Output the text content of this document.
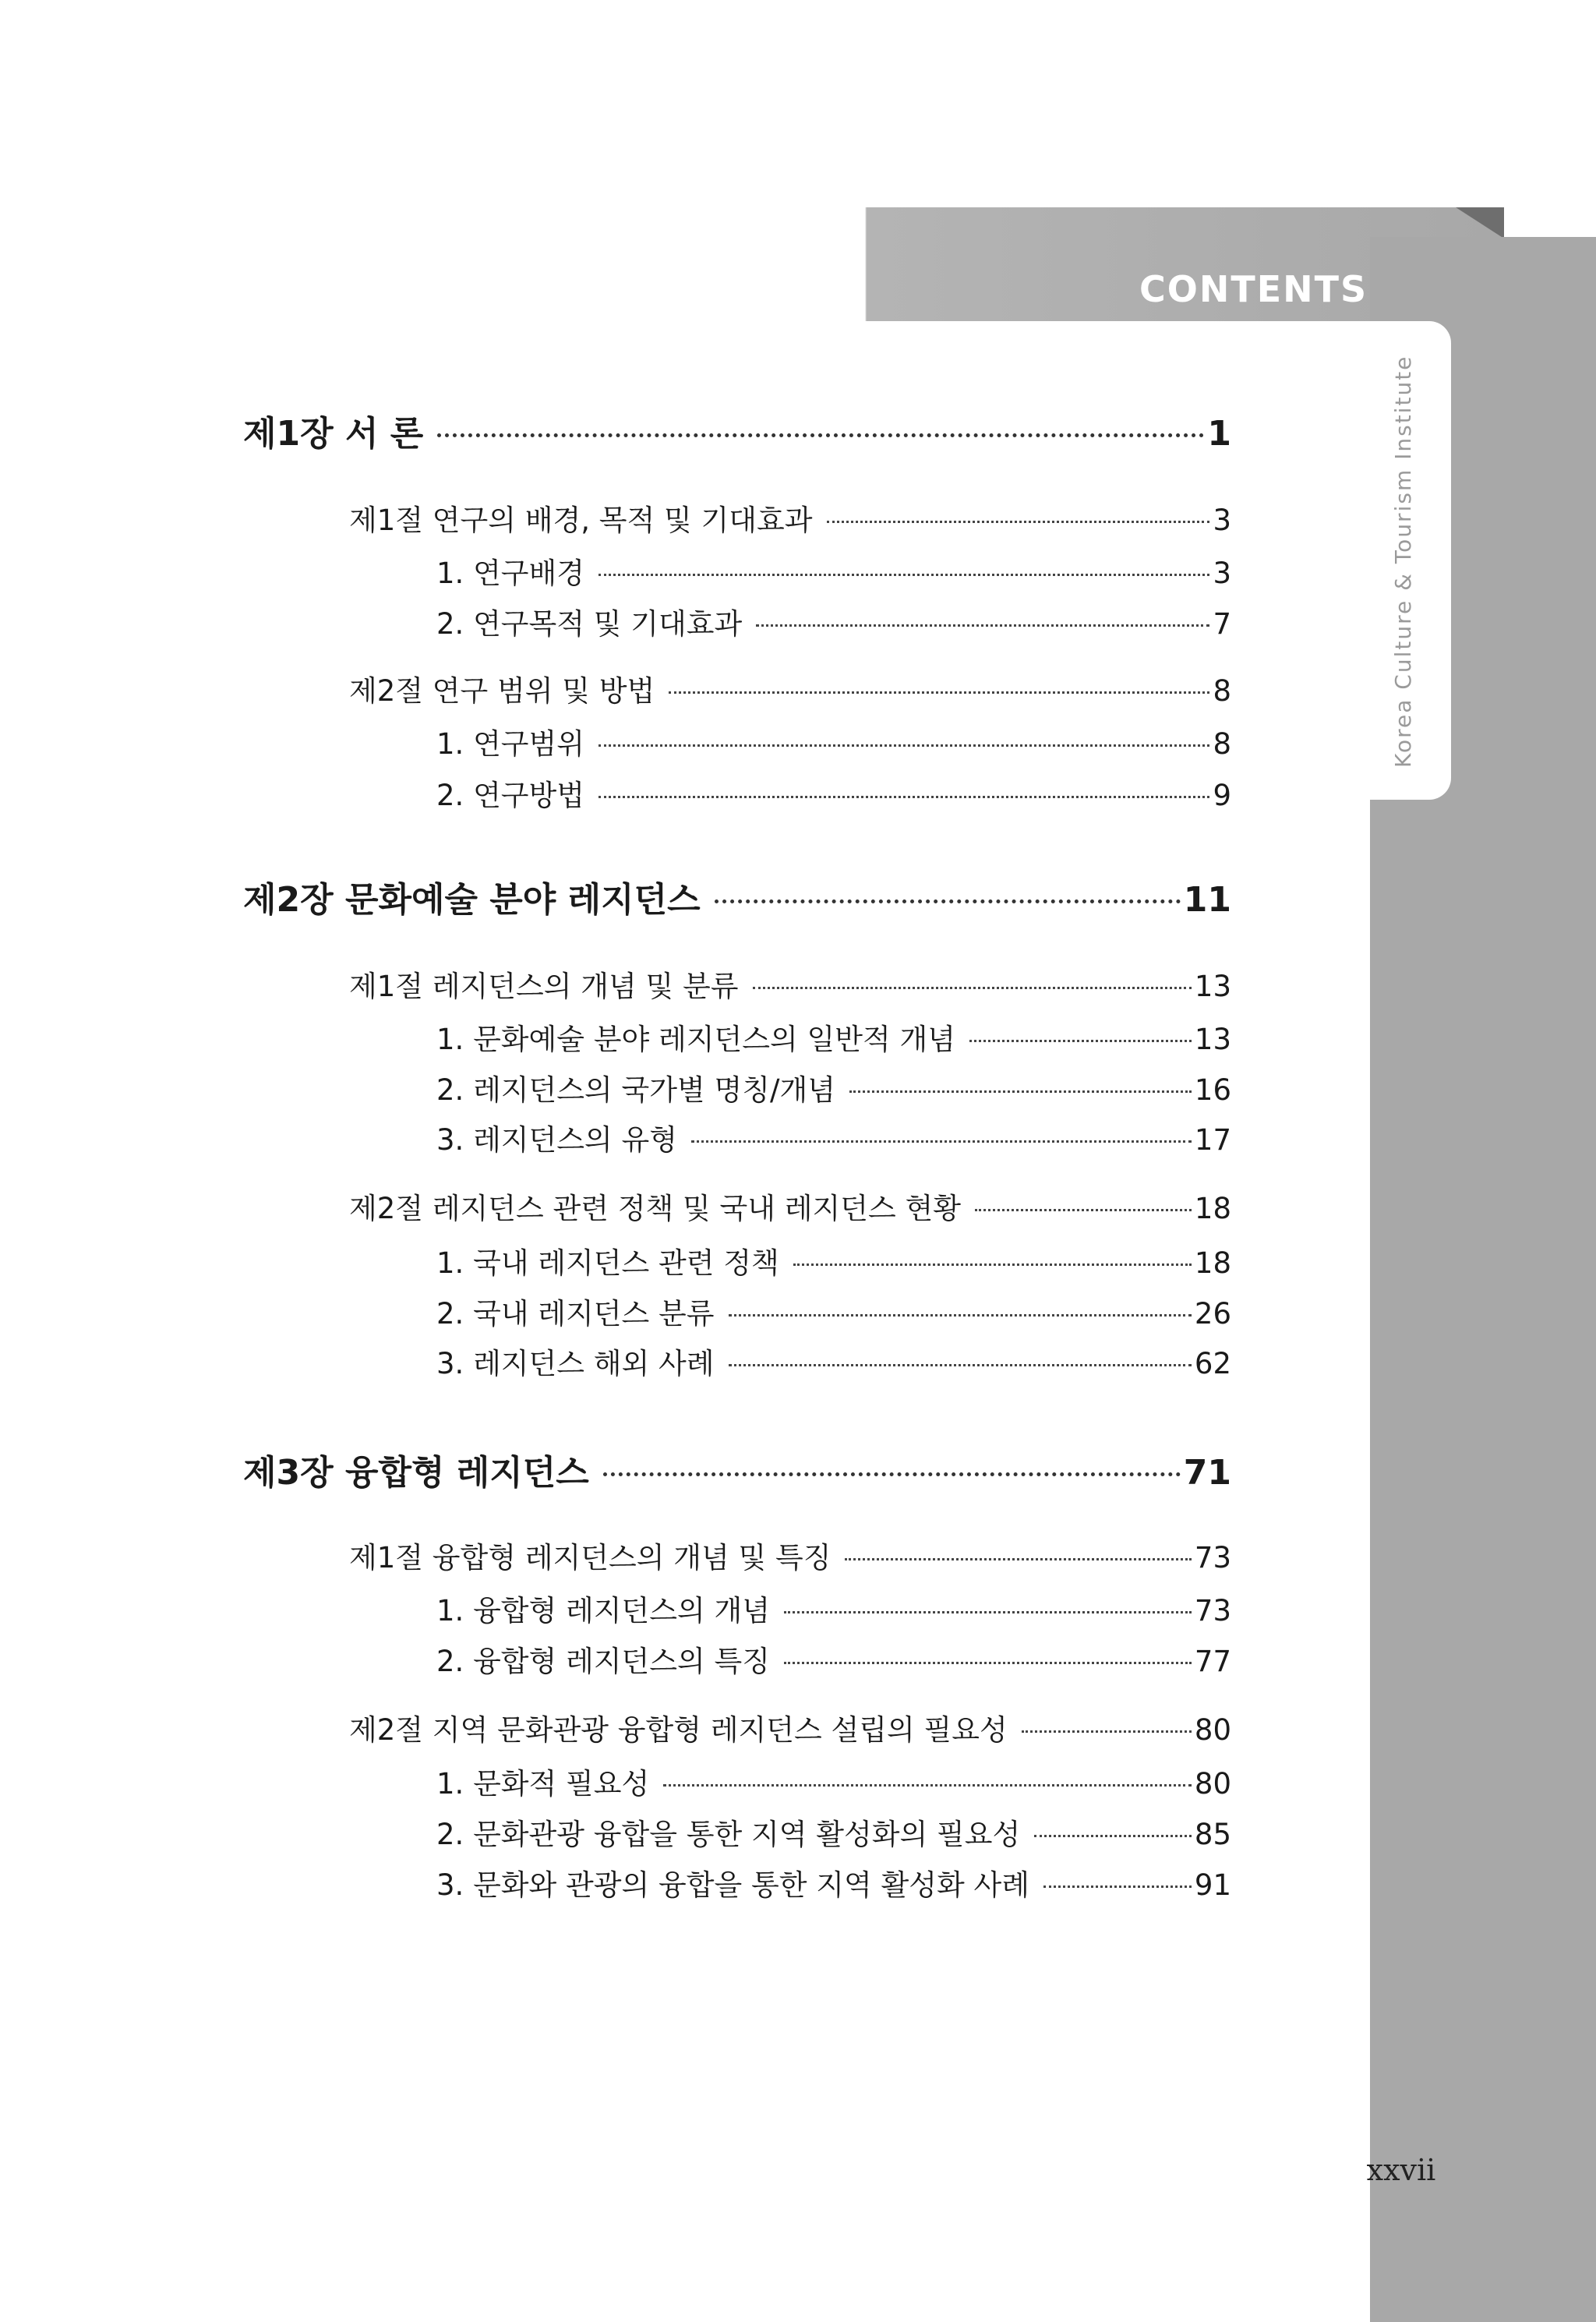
CONTENTS
Korea Culture & Tourism Institute
제1장 서 론	1
제1절 연구의 배경, 목적 및 기대효과	3
1. 연구배경	3
2. 연구목적 및 기대효과	7
제2절 연구 범위 및 방법	8
1. 연구범위	8
2. 연구방법	9
제2장 문화예술 분야 레지던스	11
제1절 레지던스의 개념 및 분류	13
1. 문화예술 분야 레지던스의 일반적 개념	13
2. 레지던스의 국가별 명칭/개념	16
3. 레지던스의 유형	17
제2절 레지던스 관련 정책 및 국내 레지던스 현황	18
1. 국내 레지던스 관련 정책	18
2. 국내 레지던스 분류	26
3. 레지던스 해외 사례	62
제3장 융합형 레지던스	71
제1절 융합형 레지던스의 개념 및 특징	73
1. 융합형 레지던스의 개념	73
2. 융합형 레지던스의 특징	77
제2절 지역 문화관광 융합형 레지던스 설립의 필요성	80
1. 문화적 필요성	80
2. 문화관광 융합을 통한 지역 활성화의 필요성	85
3. 문화와 관광의 융합을 통한 지역 활성화 사례	91
xxvii
